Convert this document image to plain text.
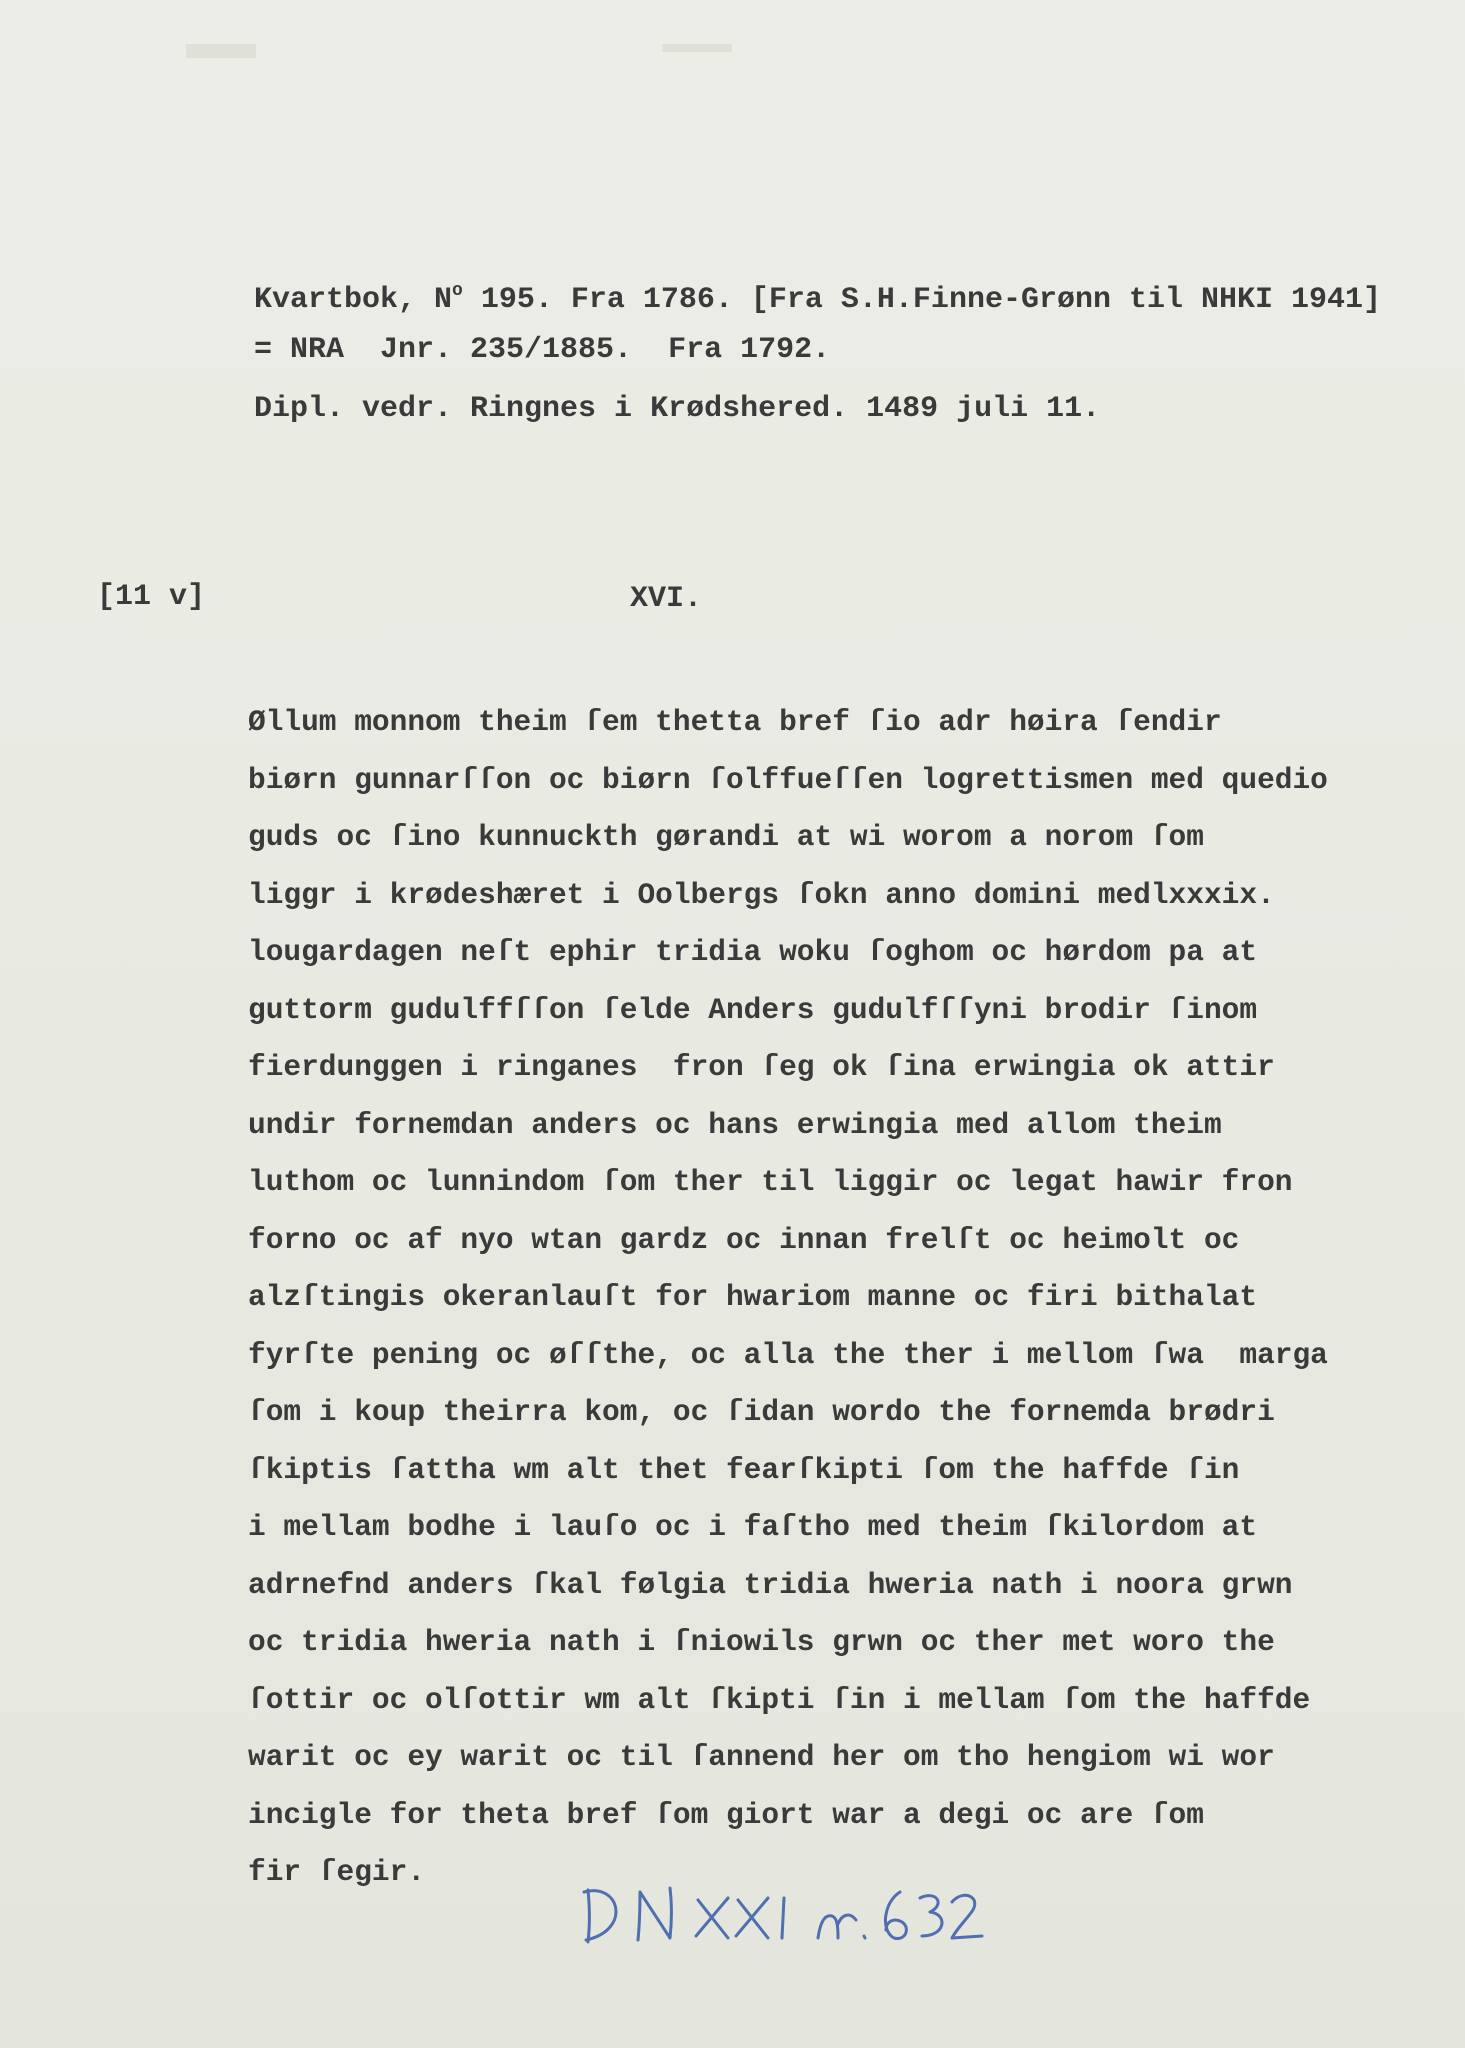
Kvartbok, $N^o$ 195. Fra 1786. [Fra S.H.Finne-Grønn til NHKI 1941]
= NRA  Jnr. 235/1885.  Fra 1792.
Dipl. vedr. Ringnes i Krødshered. 1489 juli 11.
[11 v]	XVI.
Øllum monnom theim ſem thetta bref ſio adr høira ſendir
biørn gunnarſſon oc biørn ſolffueſſen logrettismen med quedio
guds oc ſino kunnuckth gørandi at wi worom a norom ſom
liggr i krødeshæret i Oolbergs ſokn anno domini medlxxxix.
lougardagen neſt ephir tridia woku ſoghom oc hørdom pa at
guttorm gudulffſſon ſelde Anders gudulfſſyni brodir ſinom
fierdunggen i ringanes  fron ſeg ok ſina erwingia ok attir
undir fornemdan anders oc hans erwingia med allom theim
luthom oc lunnindom ſom ther til liggir oc legat hawir fron
forno oc af nyo wtan gardz oc innan frelſt oc heimolt oc
alzſtingis okeranlauſt for hwariom manne oc firi bithalat
fyrſte pening oc øſſthe, oc alla the ther i mellom ſwa  marga
ſom i koup theirra kom, oc ſidan wordo the fornemda brødri
ſkiptis ſattha wm alt thet fearſkipti ſom the haffde ſin
i mellam bodhe i lauſo oc i faſtho med theim ſkilordom at
adrnefnd anders ſkal følgia tridia hweria nath i noora grwn
oc tridia hweria nath i ſniowils grwn oc ther met woro the
ſottir oc olſottir wm alt ſkipti ſin i mellam ſom the haffde
warit oc ey warit oc til ſannend her om tho hengiom wi wor
incigle for theta bref ſom giort war a degi oc are ſom
fir ſegir.
